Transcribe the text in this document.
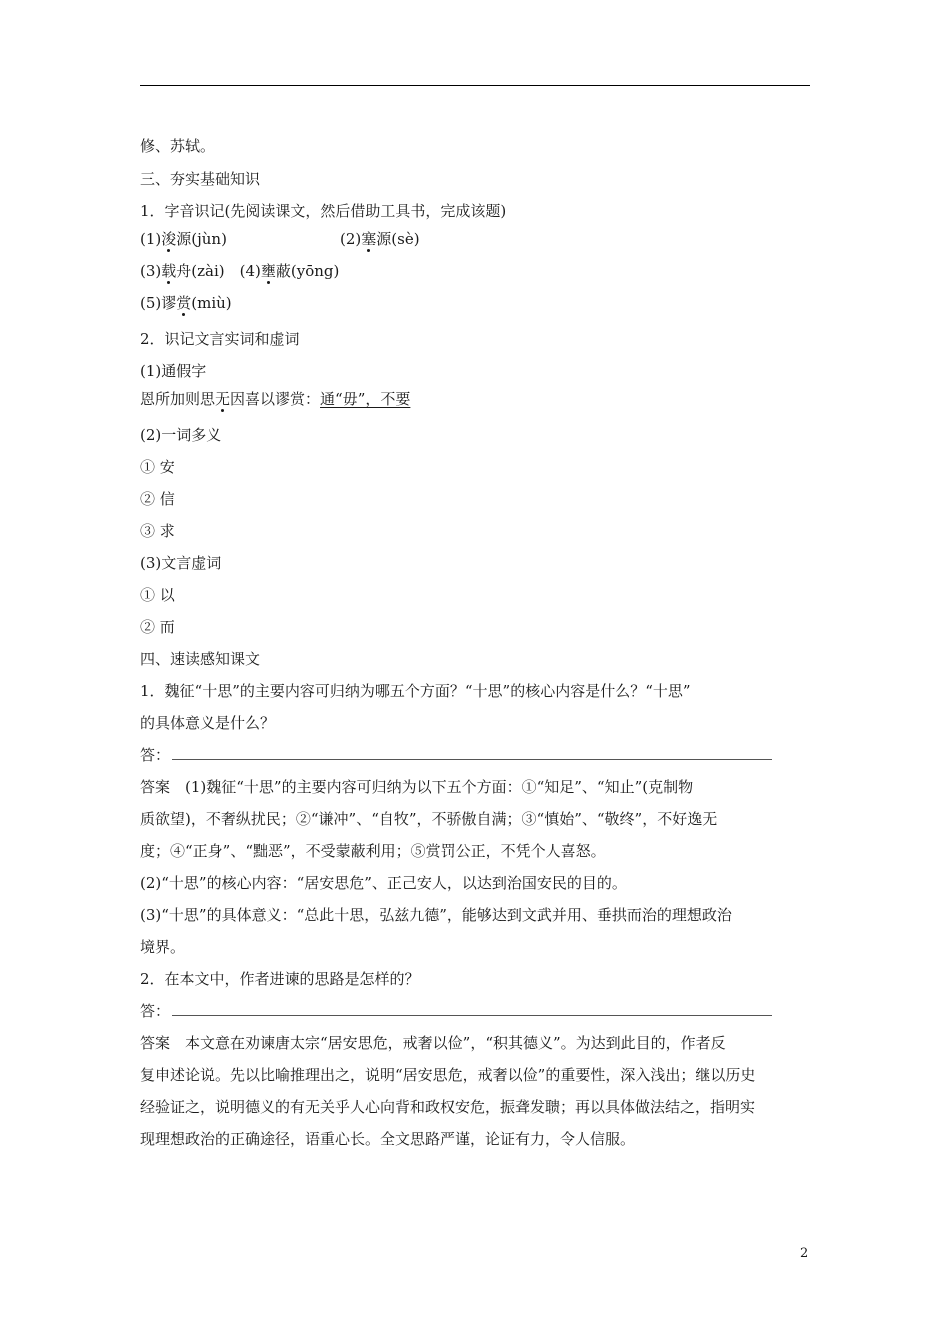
修、苏轼。
三、夯实基础知识
1．字音识记(先阅读课文，然后借助工具书，完成该题)
(1)浚源(jùn)	(2)塞源(sè)
(3)载舟(zài)　(4)壅蔽(yōng)
(5)谬赏(miù)
2．识记文言实词和虚词
(1)通假字
恩所加则思无因喜以谬赏：通“毋”，不要
(2)一词多义
① 安
② 信
③ 求
(3)文言虚词
① 以
② 而
四、速读感知课文
1．魏征“十思”的主要内容可归纳为哪五个方面？“十思”的核心内容是什么？“十思”
的具体意义是什么？
答：
答案　(1)魏征“十思”的主要内容可归纳为以下五个方面：①“知足”、“知止”(克制物
质欲望)，不奢纵扰民；②“谦冲”、“自牧”，不骄傲自满；③“慎始”、“敬终”，不好逸无
度；④“正身”、“黜恶”，不受蒙蔽利用；⑤赏罚公正，不凭个人喜怒。
(2)“十思”的核心内容：“居安思危”、正己安人，以达到治国安民的目的。
(3)“十思”的具体意义：“总此十思，弘兹九德”，能够达到文武并用、垂拱而治的理想政治
境界。
2．在本文中，作者进谏的思路是怎样的？
答：
答案　本文意在劝谏唐太宗“居安思危，戒奢以俭”，“积其德义”。为达到此目的，作者反
复申述论说。先以比喻推理出之，说明“居安思危，戒奢以俭”的重要性，深入浅出；继以历史
经验证之，说明德义的有无关乎人心向背和政权安危，振聋发聩；再以具体做法结之，指明实
现理想政治的正确途径，语重心长。全文思路严谨，论证有力，令人信服。
2
